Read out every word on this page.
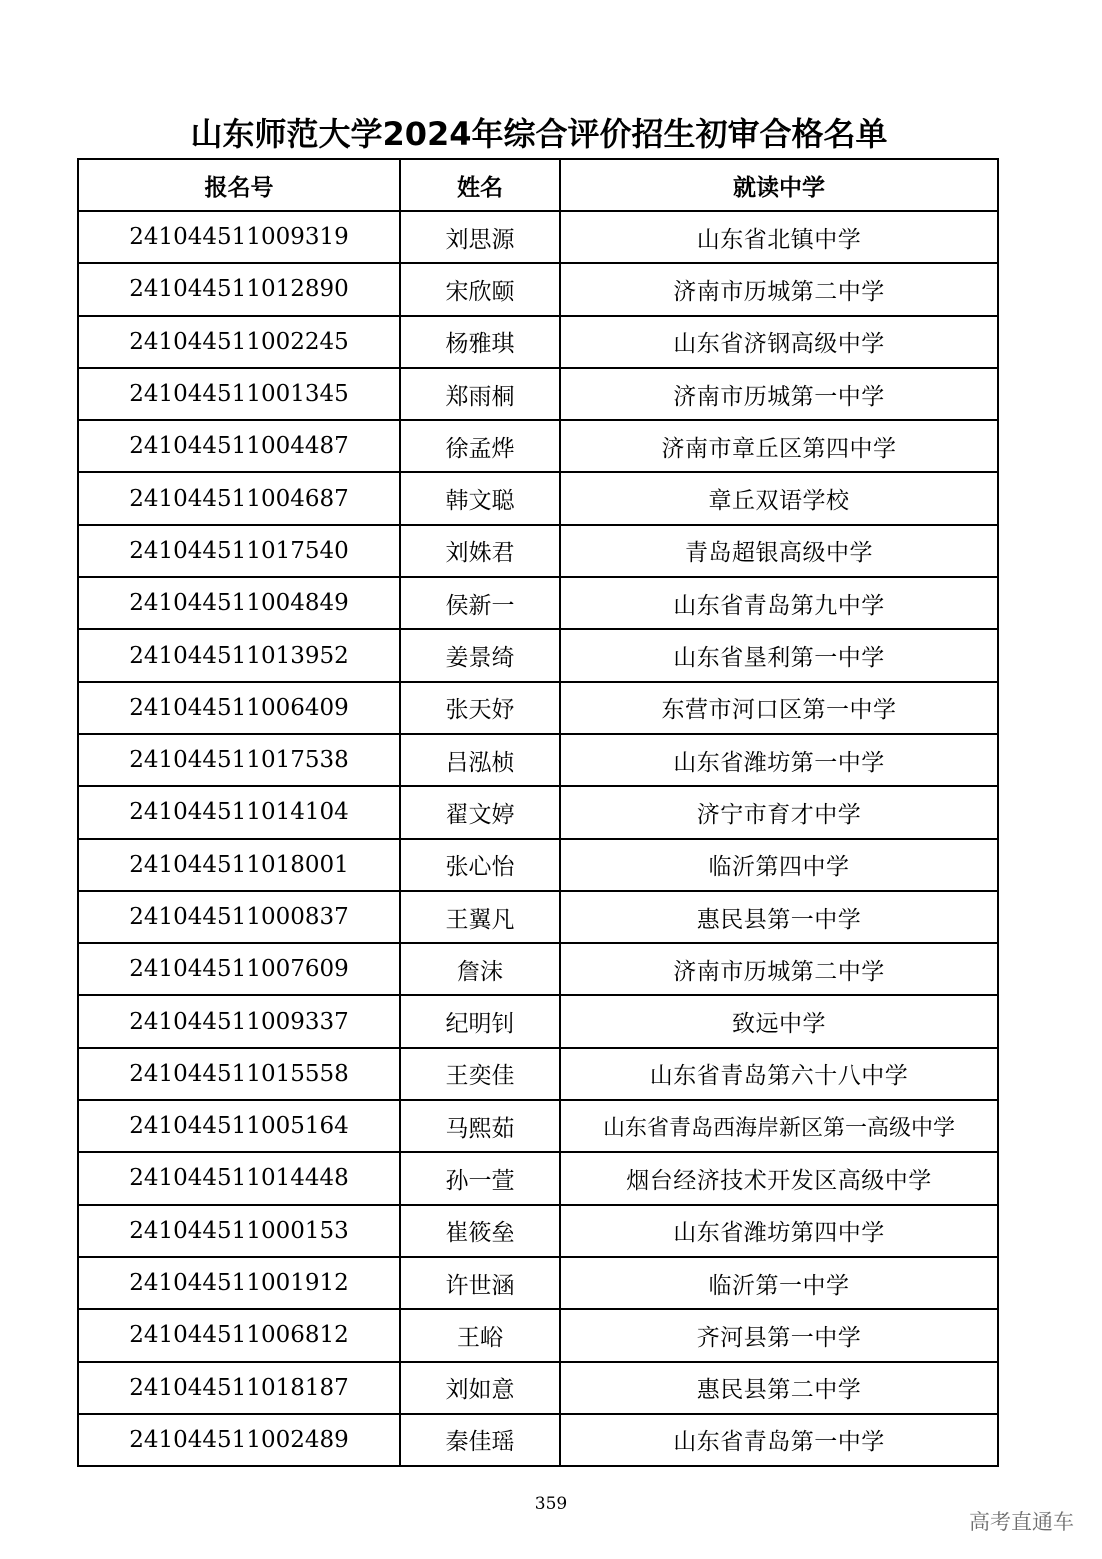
山东师范大学2024年综合评价招生初审合格名单
报名号	姓名	就读中学
241044511009319	刘思源	山东省北镇中学
241044511012890	宋欣颐	济南市历城第二中学
241044511002245	杨雅琪	山东省济钢高级中学
241044511001345	郑雨桐	济南市历城第一中学
241044511004487	徐孟烨	济南市章丘区第四中学
241044511004687	韩文聪	章丘双语学校
241044511017540	刘姝君	青岛超银高级中学
241044511004849	侯新一	山东省青岛第九中学
241044511013952	姜景绮	山东省垦利第一中学
241044511006409	张天妤	东营市河口区第一中学
241044511017538	吕泓桢	山东省潍坊第一中学
241044511014104	翟文婷	济宁市育才中学
241044511018001	张心怡	临沂第四中学
241044511000837	王翼凡	惠民县第一中学
241044511007609	詹沫	济南市历城第二中学
241044511009337	纪明钊	致远中学
241044511015558	王奕佳	山东省青岛第六十八中学
241044511005164	马熙茹	山东省青岛西海岸新区第一高级中学
241044511014448	孙一萱	烟台经济技术开发区高级中学
241044511000153	崔筱垒	山东省潍坊第四中学
241044511001912	许世涵	临沂第一中学
241044511006812	王峪	齐河县第一中学
241044511018187	刘如意	惠民县第二中学
241044511002489	秦佳瑶	山东省青岛第一中学
359
高考直通车
